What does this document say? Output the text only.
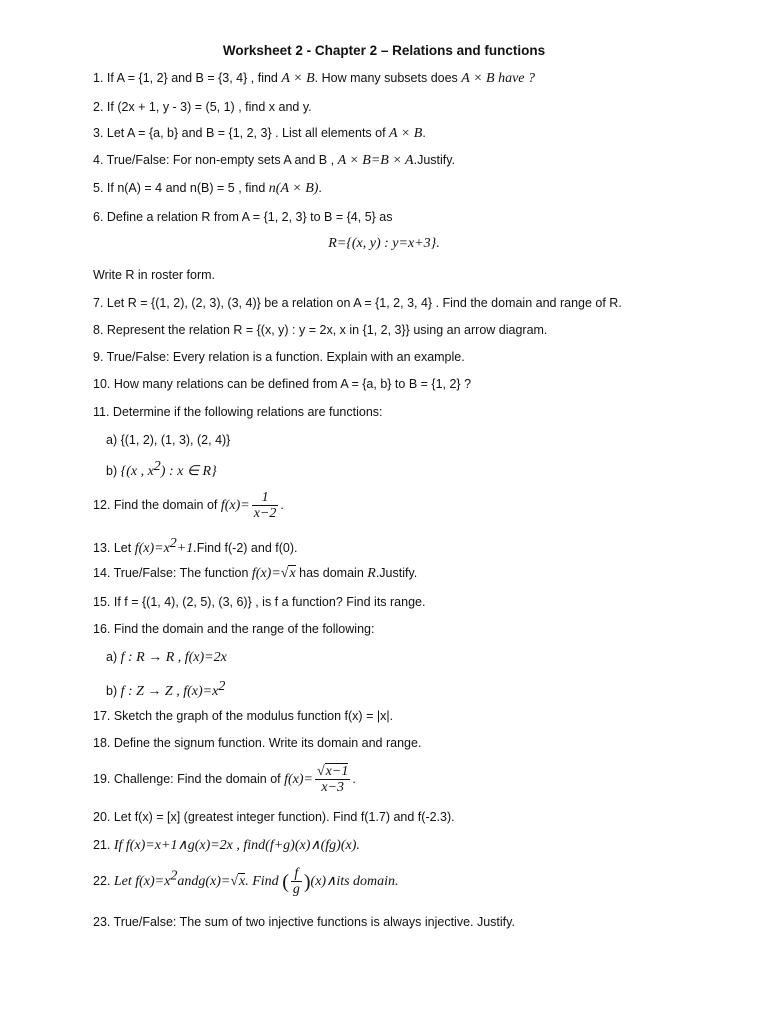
Worksheet 2 - Chapter 2 – Relations and functions
1. If A = {1, 2} and B = {3, 4} , find A × B. How many subsets does A × B have ?
2. If (2x + 1, y - 3) = (5, 1) , find x and y.
3. Let A = {a, b} and B = {1, 2, 3} . List all elements of A × B.
4. True/False: For non-empty sets A and B , A × B=B × A.Justify.
5. If n(A) = 4 and n(B) = 5 , find n(A × B).
6. Define a relation R from A = {1, 2, 3} to B = {4, 5} as
R={(x, y) : y=x+3}.
Write R in roster form.
7. Let R = {(1, 2), (2, 3), (3, 4)} be a relation on A = {1, 2, 3, 4} . Find the domain and range of R.
8. Represent the relation R = {(x, y) : y = 2x, x in {1, 2, 3}} using an arrow diagram.
9. True/False: Every relation is a function. Explain with an example.
10. How many relations can be defined from A = {a, b} to B = {1, 2} ?
11. Determine if the following relations are functions:
a) {(1, 2), (1, 3), (2, 4)}
b) {(x , $x^2$) : x ∈ R}
12. Find the domain of $f(x)= \frac{1}{x-2}$ .
13. Let $f(x)=x^2+1.Find$ f(-2) and f(0).
14. True/False: The function f(x)=√x has domain R.Justify.
15. If f = {(1, 4), (2, 5), (3, 6)} , is f a function? Find its range.
16. Find the domain and the range of the following:
a) f : R → R , f(x)=2x
b) f : Z → Z , $f(x)=x^2$
17. Sketch the graph of the modulus function f(x) = |x|.
18. Define the signum function. Write its domain and range.
19. Challenge: Find the domain of $f(x)= \frac{√x-1}{x-3}$ .
20. Let f(x) = [x] (greatest integer function). Find f(1.7) and f(-2.3).
21. If f(x)=x+1∧g(x)=2x , find(f+g)(x)∧(fg)(x).
22. Let $f(x)=x^2andg(x)=√x$. Find ( $\frac{f}{g}$ )(x)∧its domain.
23. True/False: The sum of two injective functions is always injective. Justify.
